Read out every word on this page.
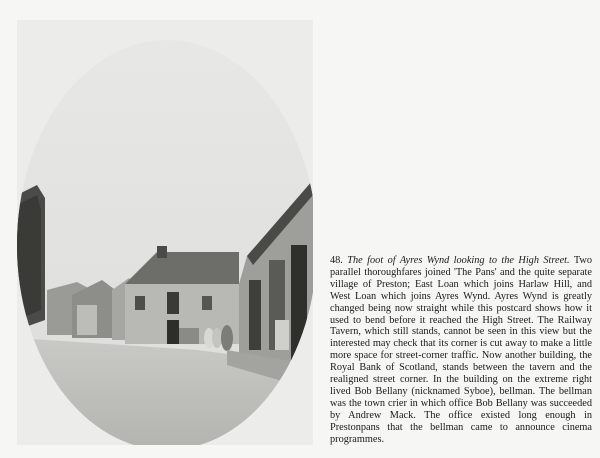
48. The foot of Ayres Wynd looking to the High Street. Two parallel thoroughfares joined 'The Pans' and the quite separate village of Preston; East Loan which joins Harlaw Hill, and West Loan which joins Ayres Wynd. Ayres Wynd is greatly changed being now straight while this postcard shows how it used to bend before it reached the High Street. The Railway Tavern, which still stands, cannot be seen in this view but the interested may check that its corner is cut away to make a little more space for street-corner traffic. Now another building, the Royal Bank of Scotland, stands between the tavern and the realigned street corner. In the building on the extreme right lived Bob Bellany (nicknamed Syboe), bellman. The bellman was the town crier in which office Bob Bellany was succeeded by Andrew Mack. The office existed long enough in Prestonpans that the bellman came to announce cinema programmes.
